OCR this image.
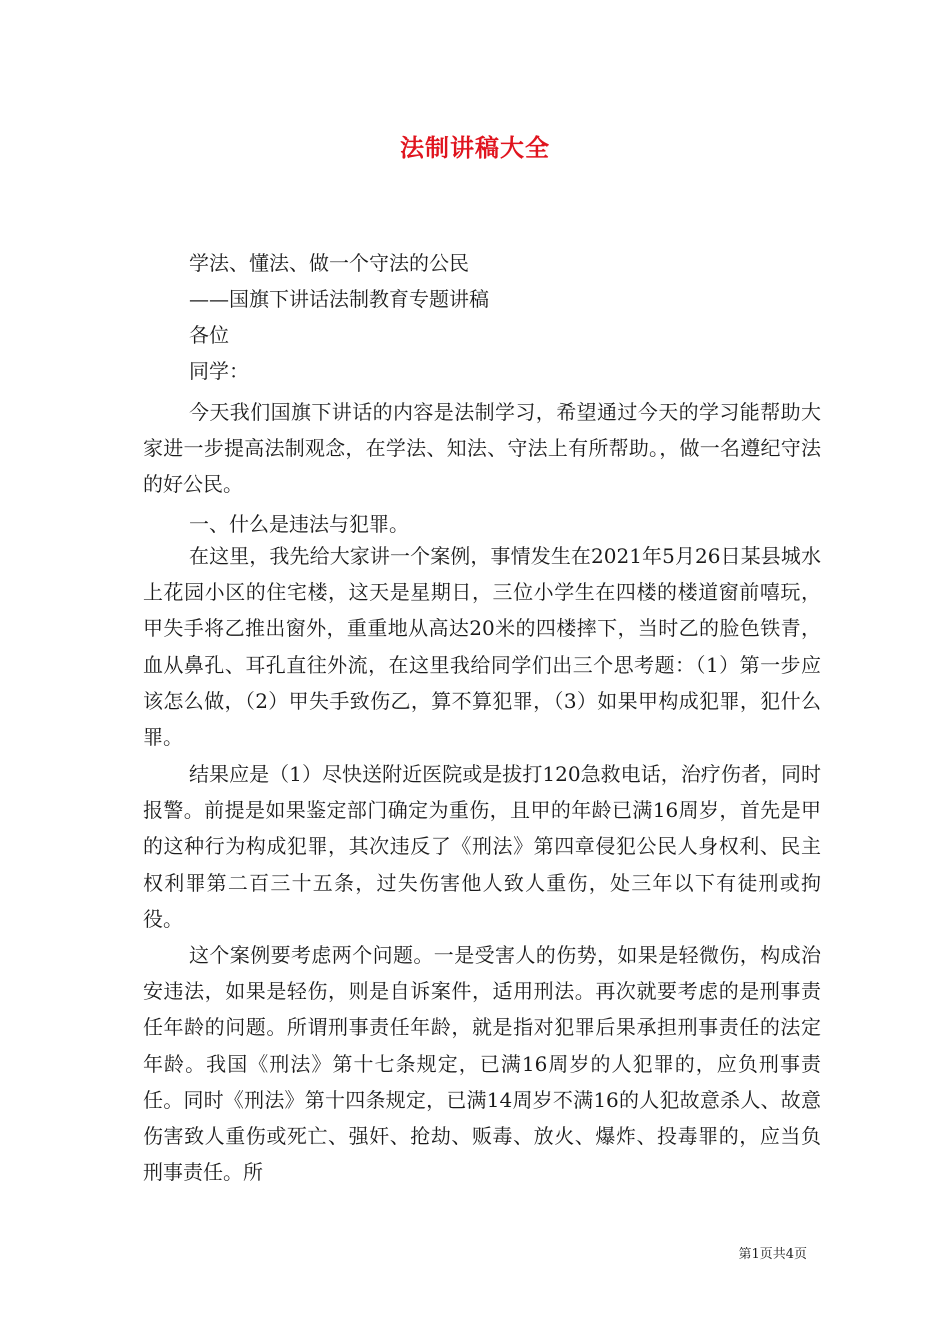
法制讲稿大全

学法、懂法、做一个守法的公民

——国旗下讲话法制教育专题讲稿

各位

同学：

今天我们国旗下讲话的内容是法制学习，希望通过今天的学习能帮助大家进一步提高法制观念，在学法、知法、守法上有所帮助。，做一名遵纪守法的好公民。

一、什么是违法与犯罪。

在这里，我先给大家讲一个案例，事情发生在2021年5月26日某县城水上花园小区的住宅楼，这天是星期日，三位小学生在四楼的楼道窗前嘻玩，甲失手将乙推出窗外，重重地从高达20米的四楼摔下，当时乙的脸色铁青，血从鼻孔、耳孔直往外流，在这里我给同学们出三个思考题：（1）第一步应该怎么做，（2）甲失手致伤乙，算不算犯罪，（3）如果甲构成犯罪，犯什么罪。

结果应是（1）尽快送附近医院或是拔打120急救电话，治疗伤者，同时报警。前提是如果鉴定部门确定为重伤，且甲的年龄已满16周岁，首先是甲的这种行为构成犯罪，其次违反了《刑法》第四章侵犯公民人身权利、民主权利罪第二百三十五条，过失伤害他人致人重伤，处三年以下有徒刑或拘役。

这个案例要考虑两个问题。一是受害人的伤势，如果是轻微伤，构成治安违法，如果是轻伤，则是自诉案件，适用刑法。再次就要考虑的是刑事责任年龄的问题。所谓刑事责任年龄，就是指对犯罪后果承担刑事责任的法定年龄。我国《刑法》第十七条规定，已满16周岁的人犯罪的，应负刑事责任。同时《刑法》第十四条规定，已满14周岁不满16的人犯故意杀人、故意伤害致人重伤或死亡、强奸、抢劫、贩毒、放火、爆炸、投毒罪的，应当负刑事责任。所

第1页共4页
